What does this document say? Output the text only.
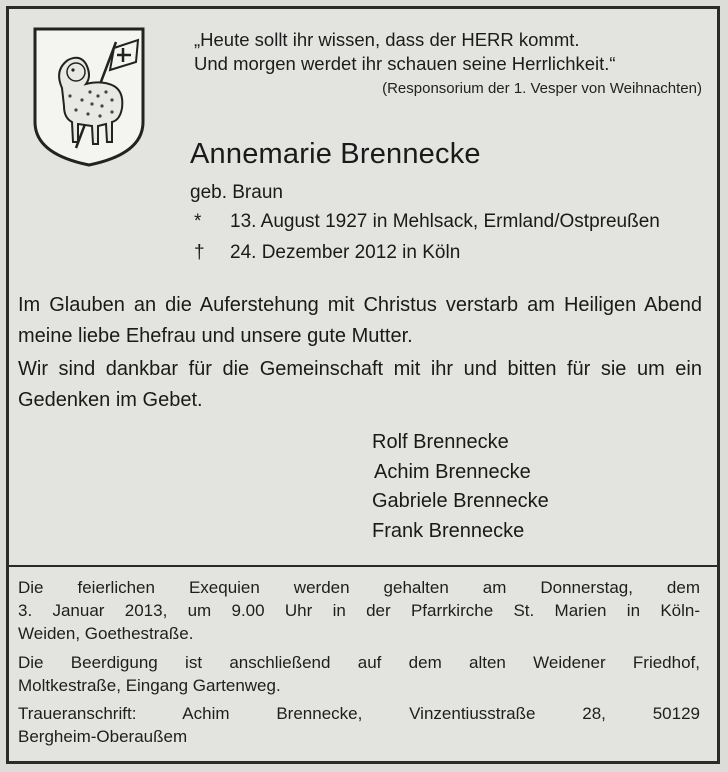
„Heute sollt ihr wissen, dass der HERR kommt.
Und morgen werdet ihr schauen seine Herrlichkeit.“
(Responsorium der 1. Vesper von Weihnachten)
Annemarie Brennecke
geb. Braun
*	13. August 1927 in Mehlsack, Ermland/Ostpreußen
†	24. Dezember 2012 in Köln
Im Glauben an die Auferstehung mit Christus verstarb am Heiligen Abend meine liebe Ehefrau und unsere gute Mutter.
Wir sind dankbar für die Gemeinschaft mit ihr und bitten für sie um ein Gedenken im Gebet.
Rolf Brennecke
Achim Brennecke
Gabriele Brennecke
Frank Brennecke
Die feierlichen Exequien werden gehalten am Donnerstag, dem
3. Januar 2013, um 9.00 Uhr in der Pfarrkirche St. Marien in Köln-
Weiden, Goethestraße.
Die Beerdigung ist anschließend auf dem alten Weidener Friedhof,
Moltkestraße, Eingang Gartenweg.
Traueranschrift: Achim Brennecke, Vinzentiusstraße 28, 50129
Bergheim-Oberaußem
